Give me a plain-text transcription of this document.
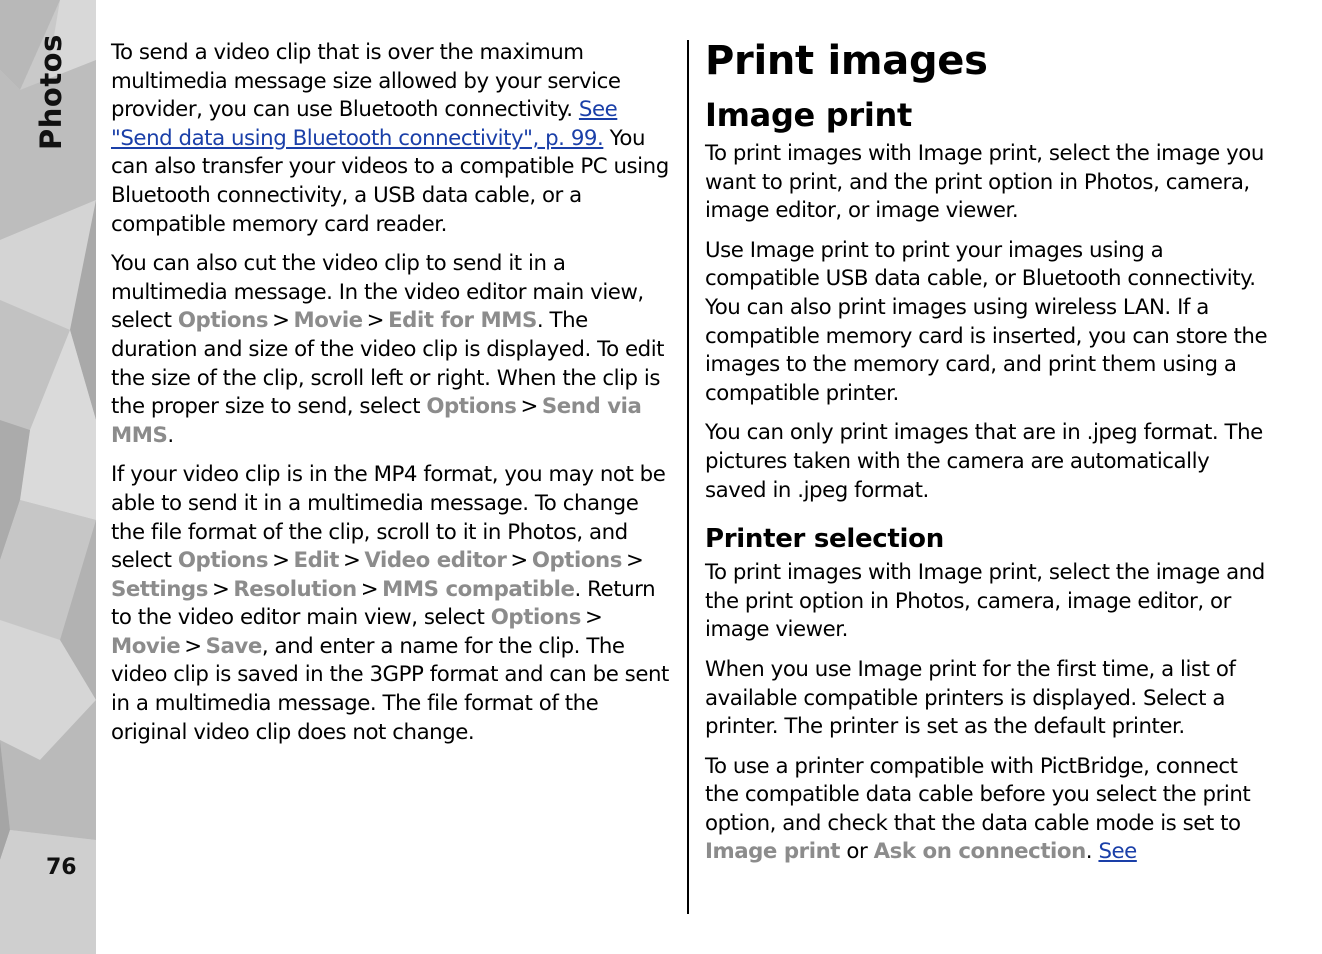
Photos
76

To send a video clip that is over the maximum multimedia message size allowed by your service provider, you can use Bluetooth connectivity. See "Send data using Bluetooth connectivity", p. 99. You can also transfer your videos to a compatible PC using Bluetooth connectivity, a USB data cable, or a compatible memory card reader.

You can also cut the video clip to send it in a multimedia message. In the video editor main view, select Options > Movie > Edit for MMS. The duration and size of the video clip is displayed. To edit the size of the clip, scroll left or right. When the clip is the proper size to send, select Options > Send via MMS.

If your video clip is in the MP4 format, you may not be able to send it in a multimedia message. To change the file format of the clip, scroll to it in Photos, and select Options > Edit > Video editor > Options > Settings > Resolution > MMS compatible. Return to the video editor main view, select Options > Movie > Save, and enter a name for the clip. The video clip is saved in the 3GPP format and can be sent in a multimedia message. The file format of the original video clip does not change.

Print images
Image print

To print images with Image print, select the image you want to print, and the print option in Photos, camera, image editor, or image viewer.

Use Image print to print your images using a compatible USB data cable, or Bluetooth connectivity. You can also print images using wireless LAN. If a compatible memory card is inserted, you can store the images to the memory card, and print them using a compatible printer.

You can only print images that are in .jpeg format. The pictures taken with the camera are automatically saved in .jpeg format.

Printer selection

To print images with Image print, select the image and the print option in Photos, camera, image editor, or image viewer.

When you use Image print for the first time, a list of available compatible printers is displayed. Select a printer. The printer is set as the default printer.

To use a printer compatible with PictBridge, connect the compatible data cable before you select the print option, and check that the data cable mode is set to Image print or Ask on connection. See
